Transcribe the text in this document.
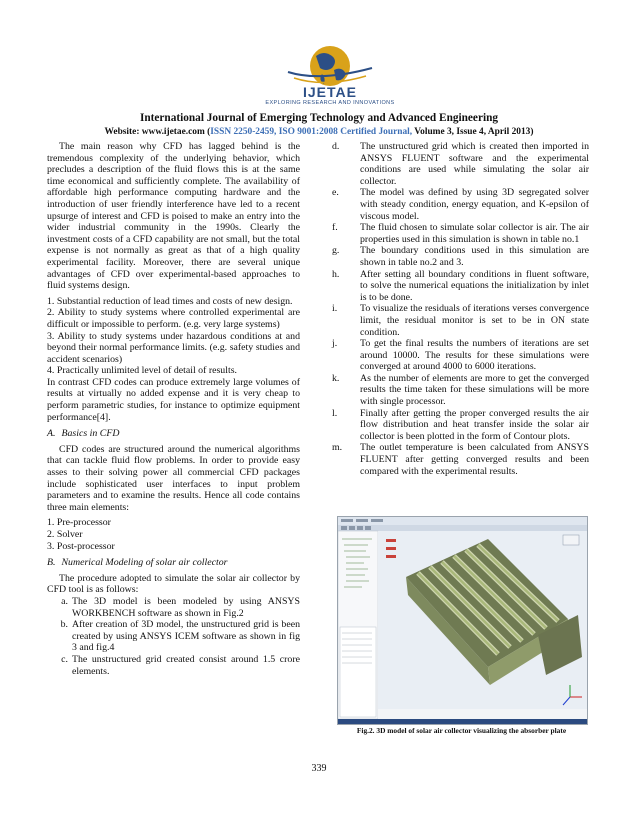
IJETAE
EXPLORING RESEARCH AND INNOVATIONS
International Journal of Emerging Technology and Advanced Engineering
Website: www.ijetae.com (ISSN 2250-2459, ISO 9001:2008 Certified Journal, Volume 3, Issue 4, April 2013)

The main reason why CFD has lagged behind is the tremendous complexity of the underlying behavior, which precludes a description of the fluid flows this is at the same time economical and sufficiently complete. The availability of affordable high performance computing hardware and the introduction of user friendly interference have led to a recent upsurge of interest and CFD is poised to make an entry into the wider industrial community in the 1990s. Clearly the investment costs of a CFD capability are not small, but the total expense is not normally as great as that of a high quality experimental facility. Moreover, there are several unique advantages of CFD over experimental-based approaches to fluid systems design.

1. Substantial reduction of lead times and costs of new design.

2. Ability to study systems where controlled experimental are difficult or impossible to perform. (e.g. very large systems)

3. Ability to study systems under hazardous conditions at and beyond their normal performance limits. (e.g. safety studies and accident scenarios)

4. Practically unlimited level of detail of results.

In contrast CFD codes can produce extremely large volumes of results at virtually no added expense and it is very cheap to perform parametric studies, for instance to optimize equipment performance[4].

A. Basics in CFD

CFD codes are structured around the numerical algorithms that can tackle fluid flow problems. In order to provide easy asses to their solving power all commercial CFD packages include sophisticated user interfaces to input problem parameters and to examine the results. Hence all code contains three main elements:

1. Pre-processor

2. Solver

3. Post-processor

B. Numerical Modeling of solar air collector

The procedure adopted to simulate the solar air collector by CFD tool is as follows:

a. The 3D model is been modeled by using ANSYS WORKBENCH software as shown in Fig.2
b. After creation of 3D model, the unstructured grid is been created by using ANSYS ICEM software as shown in fig 3 and fig.4
c. The unstructured grid created consist around 1.5 crore elements.
d.	The unstructured grid which is created then imported in ANSYS FLUENT software and the experimental conditions are used while simulating the solar air collector.
e.	The model was defined by using 3D segregated solver with steady condition, energy equation, and K-epsilon of viscous model.
f.	The fluid chosen to simulate solar collector is air. The air properties used in this simulation is shown in table no.1
g.	The boundary conditions used in this simulation are shown in table no.2 and 3.
h.	After setting all boundary conditions in fluent software, to solve the numerical equations the initialization by inlet is to be done.
i.	To visualize the residuals of iterations verses convergence limit, the residual monitor is set to be in ON state condition.
j.	To get the final results the numbers of iterations are set around 10000. The results for these simulations were converged at around 4000 to 6000 iterations.
k.	As the number of elements are more to get the converged results the time taken for these simulations will be more with single processor.
l.	Finally after getting the proper converged results the air flow distribution and heat transfer inside the solar air collector is been plotted in the form of Contour plots.
m.	The outlet temperature is been calculated from ANSYS FLUENT after getting converged results and been compared with the experimental results.
Fig.2. 3D model of solar air collector visualizing the absorber plate
339
